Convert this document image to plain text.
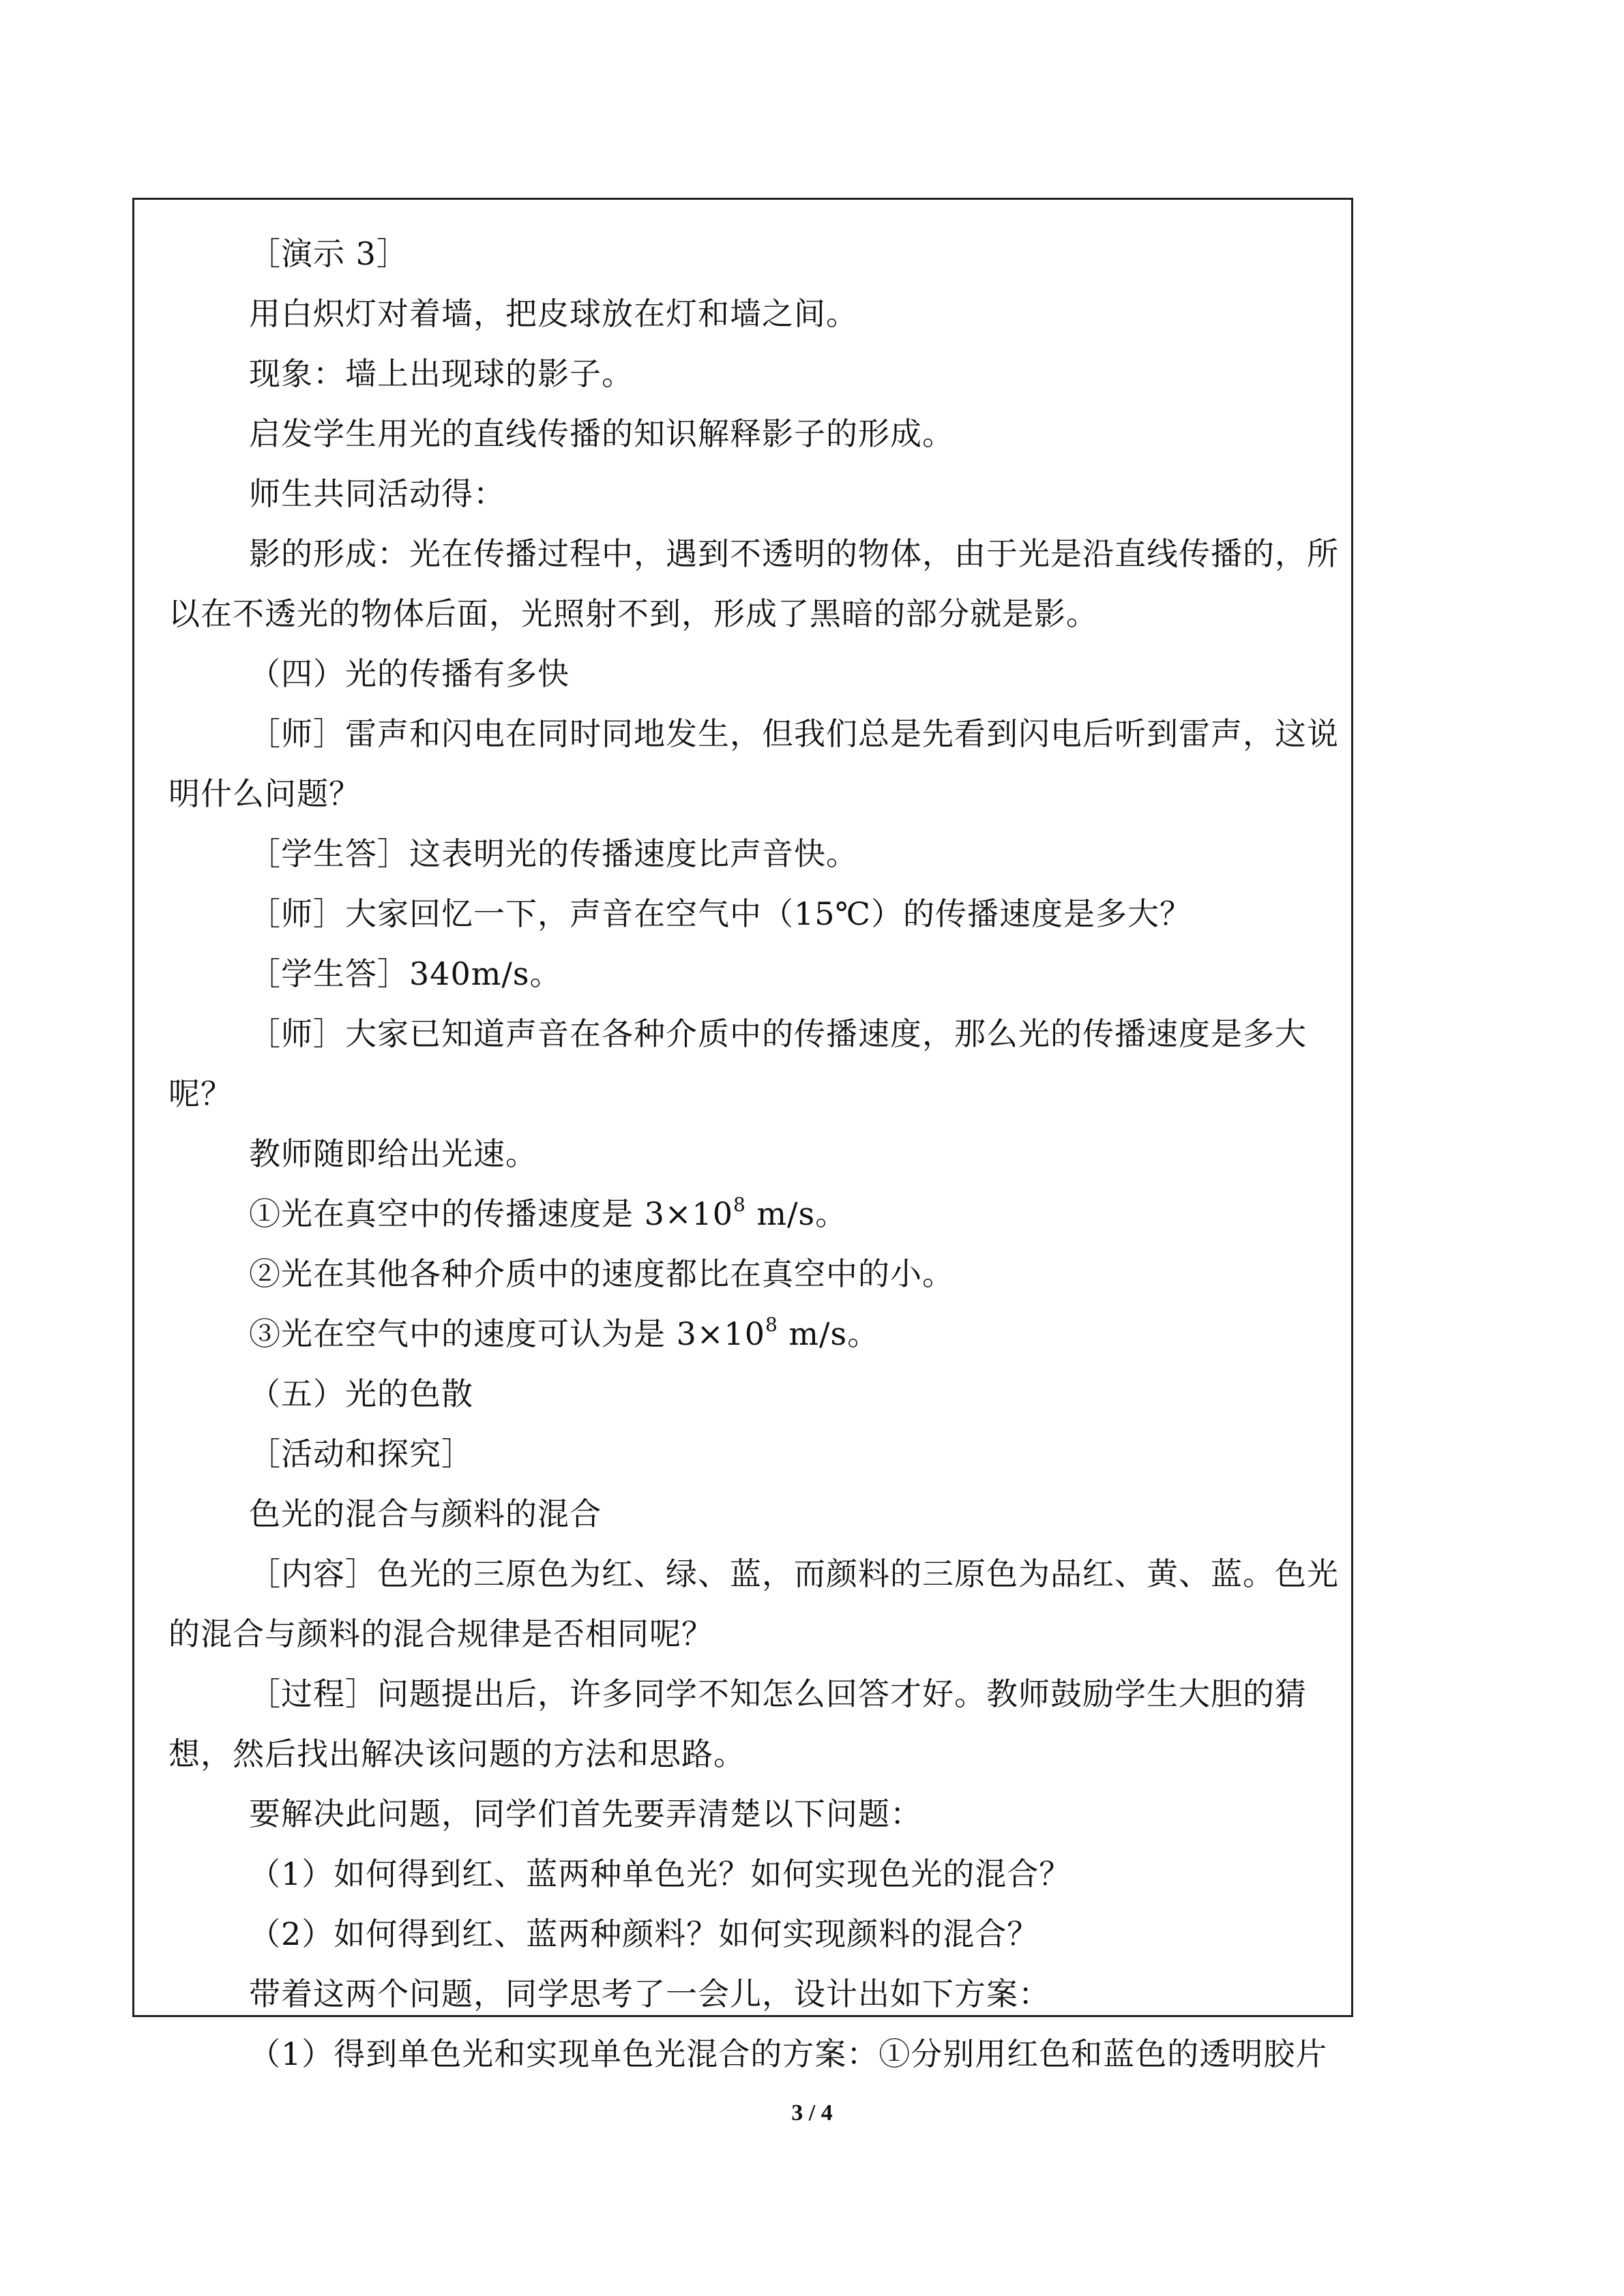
［演示 3］
用白炽灯对着墙，把皮球放在灯和墙之间。
现象：墙上出现球的影子。
启发学生用光的直线传播的知识解释影子的形成。
师生共同活动得：
影的形成：光在传播过程中，遇到不透明的物体，由于光是沿直线传播的，所
以在不透光的物体后面，光照射不到，形成了黑暗的部分就是影。
（四）光的传播有多快
［师］雷声和闪电在同时同地发生，但我们总是先看到闪电后听到雷声，这说
明什么问题？
［学生答］这表明光的传播速度比声音快。
［师］大家回忆一下，声音在空气中（15℃）的传播速度是多大？
［学生答］340m/s。
［师］大家已知道声音在各种介质中的传播速度，那么光的传播速度是多大
呢？
教师随即给出光速。
①光在真空中的传播速度是 $3\times 10^8$ m/s。
②光在其他各种介质中的速度都比在真空中的小。
③光在空气中的速度可认为是 $3\times 10^8$ m/s。
（五）光的色散
［活动和探究］
色光的混合与颜料的混合
［内容］色光的三原色为红、绿、蓝，而颜料的三原色为品红、黄、蓝。色光
的混合与颜料的混合规律是否相同呢？
［过程］问题提出后，许多同学不知怎么回答才好。教师鼓励学生大胆的猜
想，然后找出解决该问题的方法和思路。
要解决此问题，同学们首先要弄清楚以下问题：
（1）如何得到红、蓝两种单色光？如何实现色光的混合？
（2）如何得到红、蓝两种颜料？如何实现颜料的混合？
带着这两个问题，同学思考了一会儿，设计出如下方案：
（1）得到单色光和实现单色光混合的方案：①分别用红色和蓝色的透明胶片
3 / 4
